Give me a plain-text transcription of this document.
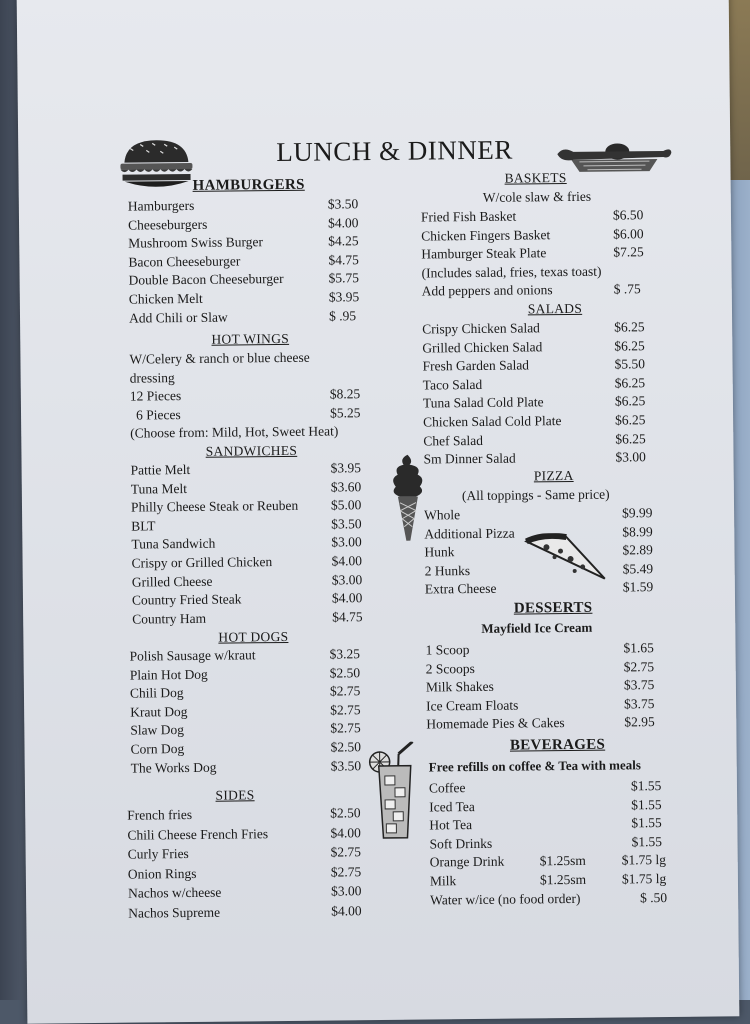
LUNCH & DINNER
HAMBURGERS
Hamburgers	$3.50
Cheeseburgers	$4.00
Mushroom Swiss Burger	$4.25
Bacon Cheeseburger	$4.75
Double Bacon Cheeseburger	$5.75
Chicken Melt	$3.95
Add Chili or Slaw	$ .95
HOT WINGS
W/Celery & ranch or blue cheese
dressing
12 Pieces	$8.25
6 Pieces	$5.25
(Choose from: Mild, Hot, Sweet Heat)
SANDWICHES
Pattie Melt	$3.95
Tuna Melt	$3.60
Philly Cheese Steak or Reuben $5.00
BLT	$3.50
Tuna Sandwich	$3.00
Crispy or Grilled Chicken	$4.00
Grilled Cheese	$3.00
Country Fried Steak	$4.00
Country Ham	$4.75
HOT DOGS
Polish Sausage w/kraut	$3.25
Plain Hot Dog	$2.50
Chili Dog	$2.75
Kraut Dog	$2.75
Slaw Dog	$2.75
Corn Dog	$2.50
The Works Dog	$3.50
SIDES
French fries	$2.50
Chili Cheese French Fries	$4.00
Curly Fries	$2.75
Onion Rings	$2.75
Nachos w/cheese	$3.00
Nachos Supreme	$4.00
BASKETS
W/cole slaw & fries
Fried Fish Basket	$6.50
Chicken Fingers Basket	$6.00
Hamburger Steak Plate	$7.25
(Includes salad, fries, texas toast)
Add peppers and onions	$ .75
SALADS
Crispy Chicken Salad	$6.25
Grilled Chicken Salad	$6.25
Fresh Garden Salad	$5.50
Taco Salad	$6.25
Tuna Salad Cold Plate	$6.25
Chicken Salad Cold Plate	$6.25
Chef Salad	$6.25
Sm Dinner Salad	$3.00
PIZZA
(All toppings - Same price)
Whole	$9.99
Additional Pizza	$8.99
Hunk	$2.89
2 Hunks	$5.49
Extra Cheese	$1.59
DESSERTS
Mayfield Ice Cream
1 Scoop	$1.65
2 Scoops	$2.75
Milk Shakes	$3.75
Ice Cream Floats	$3.75
Homemade Pies & Cakes	$2.95
BEVERAGES
Free refills on coffee & Tea with meals
Coffee	$1.55
Iced Tea	$1.55
Hot Tea	$1.55
Soft Drinks	$1.55
Orange Drink	$1.25sm	$1.75 lg
Milk	$1.25sm	$1.75 lg
Water w/ice (no food order)	$ .50
